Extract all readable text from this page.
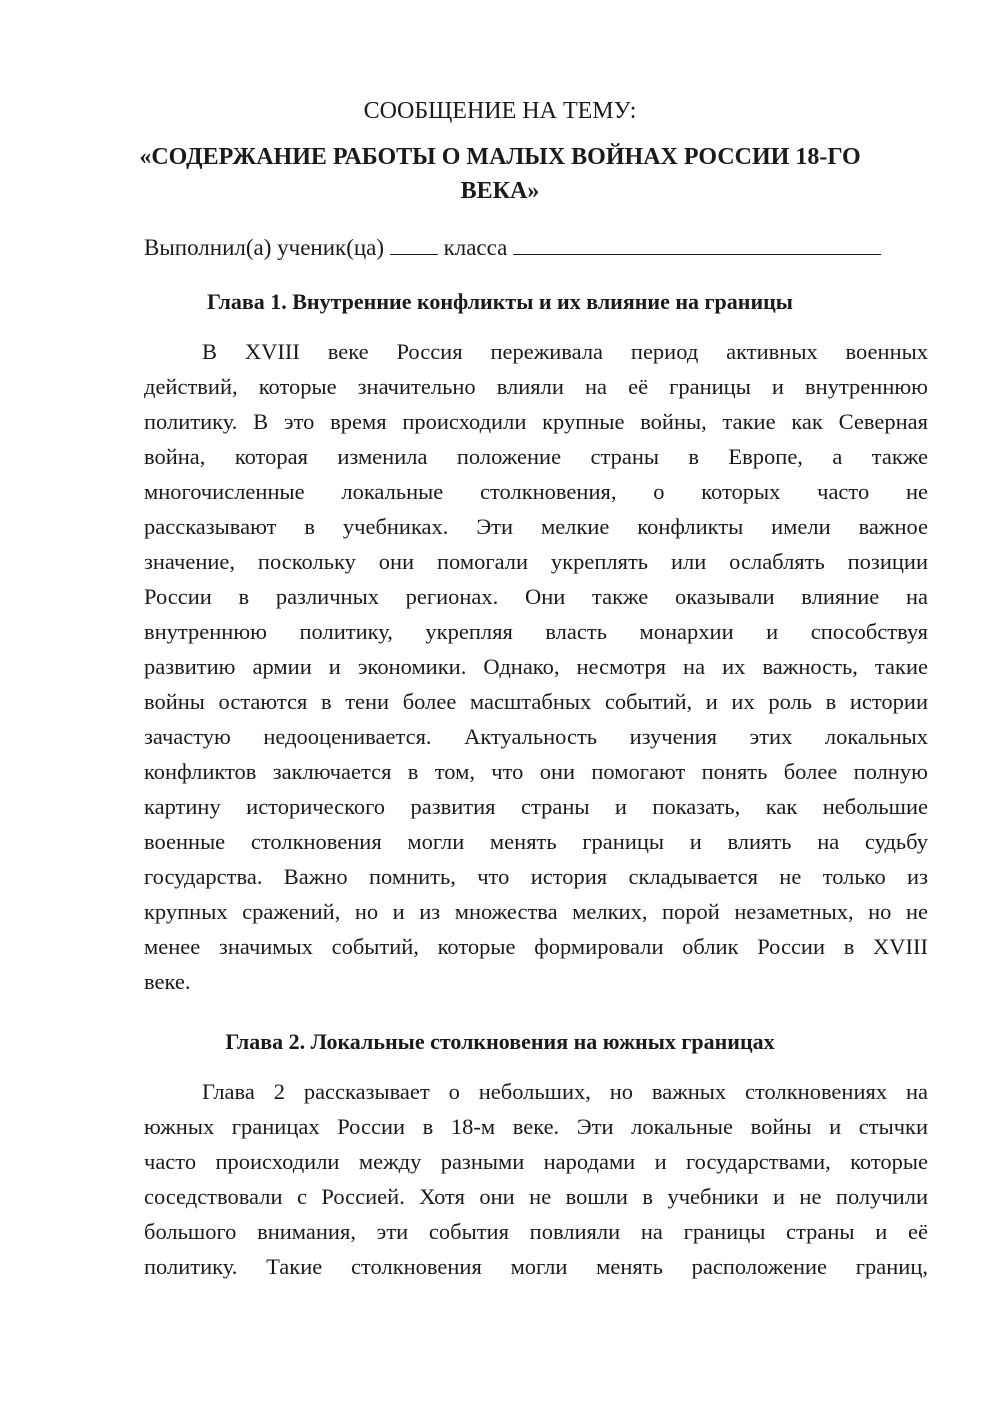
СООБЩЕНИЕ НА ТЕМУ:
«СОДЕРЖАНИЕ РАБОТЫ О МАЛЫХ ВОЙНАХ РОССИИ 18-ГО
ВЕКА»
Выполнил(а) ученик(ца)	класса
Глава 1. Внутренние конфликты и их влияние на границы
В XVIII веке Россия переживала период активных военных
действий, которые значительно влияли на её границы и внутреннюю
политику. В это время происходили крупные войны, такие как Северная
война, которая изменила положение страны в Европе, а также
многочисленные локальные столкновения, о которых часто не
рассказывают в учебниках. Эти мелкие конфликты имели важное
значение, поскольку они помогали укреплять или ослаблять позиции
России в различных регионах. Они также оказывали влияние на
внутреннюю политику, укрепляя власть монархии и способствуя
развитию армии и экономики. Однако, несмотря на их важность, такие
войны остаются в тени более масштабных событий, и их роль в истории
зачастую недооценивается. Актуальность изучения этих локальных
конфликтов заключается в том, что они помогают понять более полную
картину исторического развития страны и показать, как небольшие
военные столкновения могли менять границы и влиять на судьбу
государства. Важно помнить, что история складывается не только из
крупных сражений, но и из множества мелких, порой незаметных, но не
менее значимых событий, которые формировали облик России в XVIII
веке.
Глава 2. Локальные столкновения на южных границах
Глава 2 рассказывает о небольших, но важных столкновениях на
южных границах России в 18-м веке. Эти локальные войны и стычки
часто происходили между разными народами и государствами, которые
соседствовали с Россией. Хотя они не вошли в учебники и не получили
большого внимания, эти события повлияли на границы страны и её
политику. Такие столкновения могли менять расположение границ,
